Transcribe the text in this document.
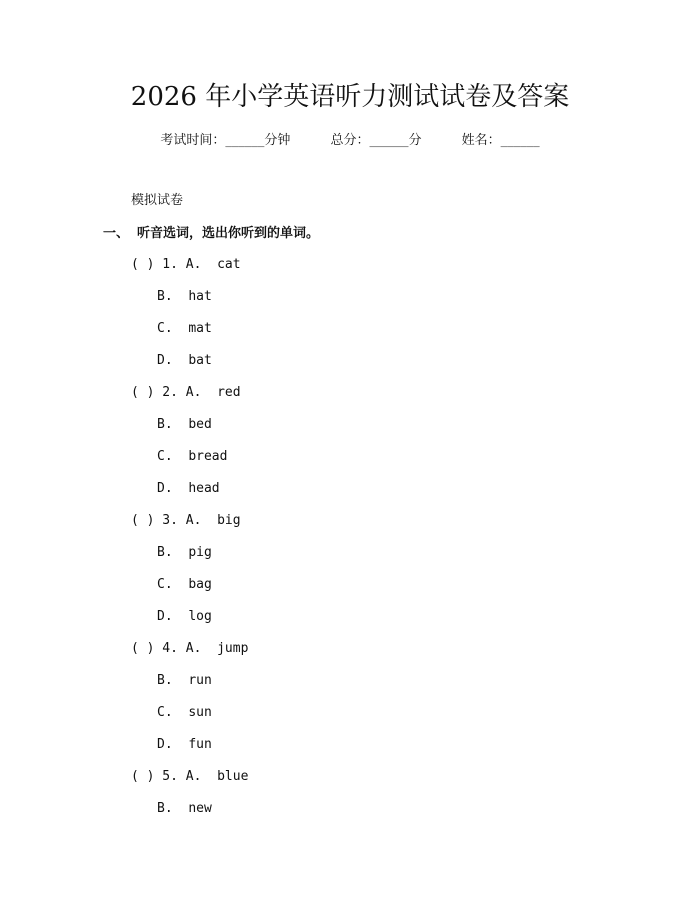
2026 年小学英语听力测试试卷及答案
考试时间：______分钟	总分：______分	姓名：______
模拟试卷
一、 听音选词，选出你听到的单词。
( ) 1. A.  cat
B.  hat
C.  mat
D.  bat
( ) 2. A.  red
B.  bed
C.  bread
D.  head
( ) 3. A.  big
B.  pig
C.  bag
D.  log
( ) 4. A.  jump
B.  run
C.  sun
D.  fun
( ) 5. A.  blue
B.  new
